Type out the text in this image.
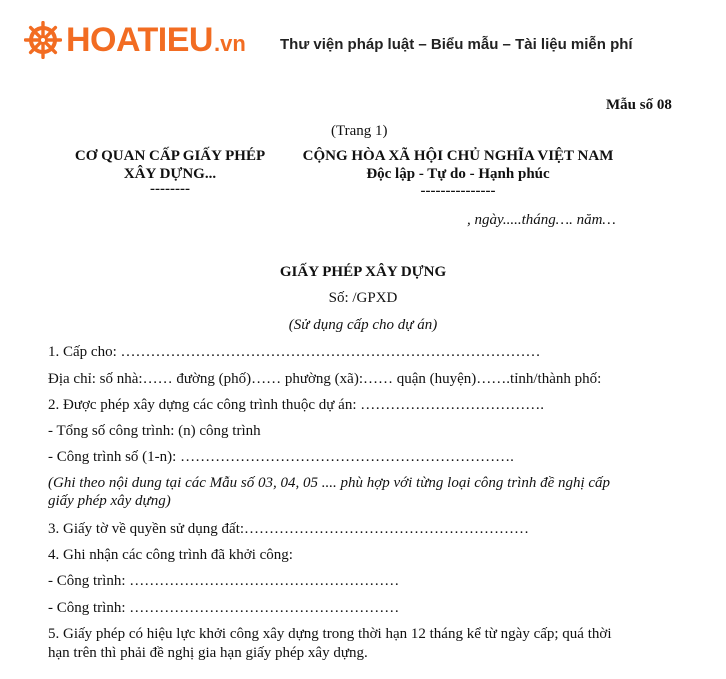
HOATIEU .vn Thư viện pháp luật – Biểu mẫu – Tài liệu miễn phí
Mẫu số 08
(Trang 1)
CƠ QUAN CẤP GIẤY PHÉP
XÂY DỰNG...
--------
CỘNG HÒA XÃ HỘI CHỦ NGHĨA VIỆT NAM
Độc lập - Tự do - Hạnh phúc
---------------
, ngày.....tháng…. năm…
GIẤY PHÉP XÂY DỰNG
Số: /GPXD
(Sử dụng cấp cho dự án)
1. Cấp cho: …………………………………………………………………………
Địa chỉ: số nhà:…… đường (phố)…… phường (xã):…… quận (huyện)…….tỉnh/thành phố:
2. Được phép xây dựng các công trình thuộc dự án: ……………………………….
- Tổng số công trình: (n) công trình
- Công trình số (1-n): ………………………………………………………….
(Ghi theo nội dung tại các Mẫu số 03, 04, 05 .... phù hợp với từng loại công trình đề nghị cấp
giấy phép xây dựng)
3. Giấy tờ về quyền sử dụng đất:…………………………………………………
4. Ghi nhận các công trình đã khởi công:
- Công trình: ………………………………………………
- Công trình: ………………………………………………
5. Giấy phép có hiệu lực khởi công xây dựng trong thời hạn 12 tháng kể từ ngày cấp; quá thời
hạn trên thì phải đề nghị gia hạn giấy phép xây dựng.
